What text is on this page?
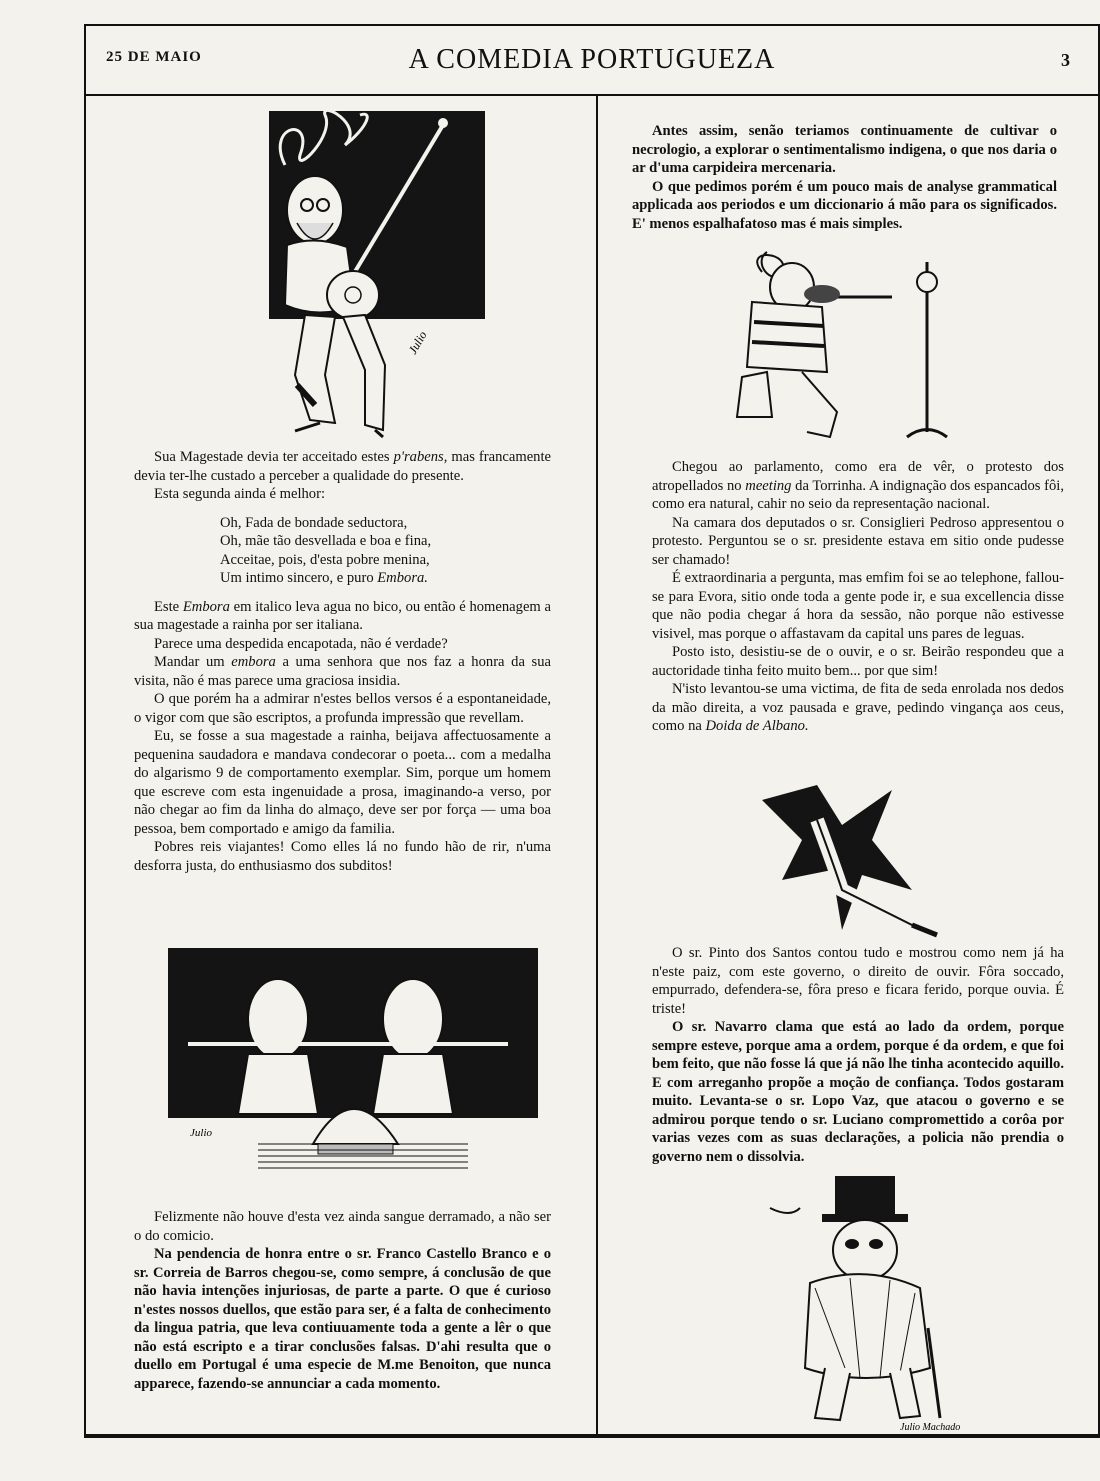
25 DE MAIO	A COMEDIA PORTUGUEZA	3
Julio

Sua Magestade devia ter acceitado estes p'rabens, mas francamente devia ter-lhe custado a perceber a qualidade do presente.

Esta segunda ainda é melhor:

Oh, Fada de bondade seductora,
Oh, mãe tão desvellada e boa e fina,
Acceitae, pois, d'esta pobre menina,
Um intimo sincero, e puro Embora.

Este Embora em italico leva agua no bico, ou então é homenagem a sua magestade a rainha por ser italiana.

Parece uma despedida encapotada, não é verdade?

Mandar um embora a uma senhora que nos faz a honra da sua visita, não é mas parece uma graciosa insidia.

O que porém ha a admirar n'estes bellos versos é a espontaneidade, o vigor com que são escriptos, a profunda impressão que revellam.

Eu, se fosse a sua magestade a rainha, beijava affectuosamente a pequenina saudadora e mandava condecorar o poeta... com a medalha do algarismo 9 de comportamento exemplar. Sim, porque um homem que escreve com esta ingenuidade a prosa, imaginando-a verso, por não chegar ao fim da linha do almaço, deve ser por força — uma boa pessoa, bem comportado e amigo da familia.

Pobres reis viajantes! Como elles lá no fundo hão de rir, n'uma desforra justa, do enthusiasmo dos subditos!

Julio

Felizmente não houve d'esta vez ainda sangue derramado, a não ser o do comicio.

Na pendencia de honra entre o sr. Franco Castello Branco e o sr. Correia de Barros chegou-se, como sempre, á conclusão de que não havia intenções injuriosas, de parte a parte. O que é curioso n'estes nossos duellos, que estão para ser, é a falta de conhecimento da lingua patria, que leva contiuuamente toda a gente a lêr o que não está escripto e a tirar conclusões falsas. D'ahi resulta que o duello em Portugal é uma especie de M.me Benoiton, que nunca apparece, fazendo-se annunciar a cada momento.

Antes assim, senão teriamos continuamente de cultivar o necrologio, a explorar o sentimentalismo indigena, o que nos daria o ar d'uma carpideira mercenaria.

O que pedimos porém é um pouco mais de analyse grammatical applicada aos periodos e um diccionario á mão para os significados. E' menos espalhafatoso mas é mais simples.

Chegou ao parlamento, como era de vêr, o protesto dos atropellados no meeting da Torrinha. A indignação dos espancados fôi, como era natural, cahir no seio da representação nacional.

Na camara dos deputados o sr. Consiglieri Pedroso appresentou o protesto. Perguntou se o sr. presidente estava em sitio onde pudesse ser chamado!

É extraordinaria a pergunta, mas emfim foi se ao telephone, fallou-se para Evora, sitio onde toda a gente pode ir, e sua excellencia disse que não podia chegar á hora da sessão, não porque não estivesse visivel, mas porque o affastavam da capital uns pares de leguas.

Posto isto, desistiu-se de o ouvir, e o sr. Beirão respondeu que a auctoridade tinha feito muito bem... por que sim!

N'isto levantou-se uma victima, de fita de seda enrolada nos dedos da mão direita, a voz pausada e grave, pedindo vingança aos ceus, como na Doida de Albano.

O sr. Pinto dos Santos contou tudo e mostrou como nem já ha n'este paiz, com este governo, o direito de ouvir. Fôra soccado, empurrado, defendera-se, fôra preso e ficara ferido, porque ouvia. É triste!

O sr. Navarro clama que está ao lado da ordem, porque sempre esteve, porque ama a ordem, porque é da ordem, e que foi bem feito, que não fosse lá que já não lhe tinha acontecido aquillo. E com arreganho propõe a moção de confiança. Todos gostaram muito. Levanta-se o sr. Lopo Vaz, que atacou o governo e se admirou porque tendo o sr. Luciano compromettido a corôa por varias vezes com as suas declarações, a policia não prendia o governo nem o dissolvia.

Julio Machado
